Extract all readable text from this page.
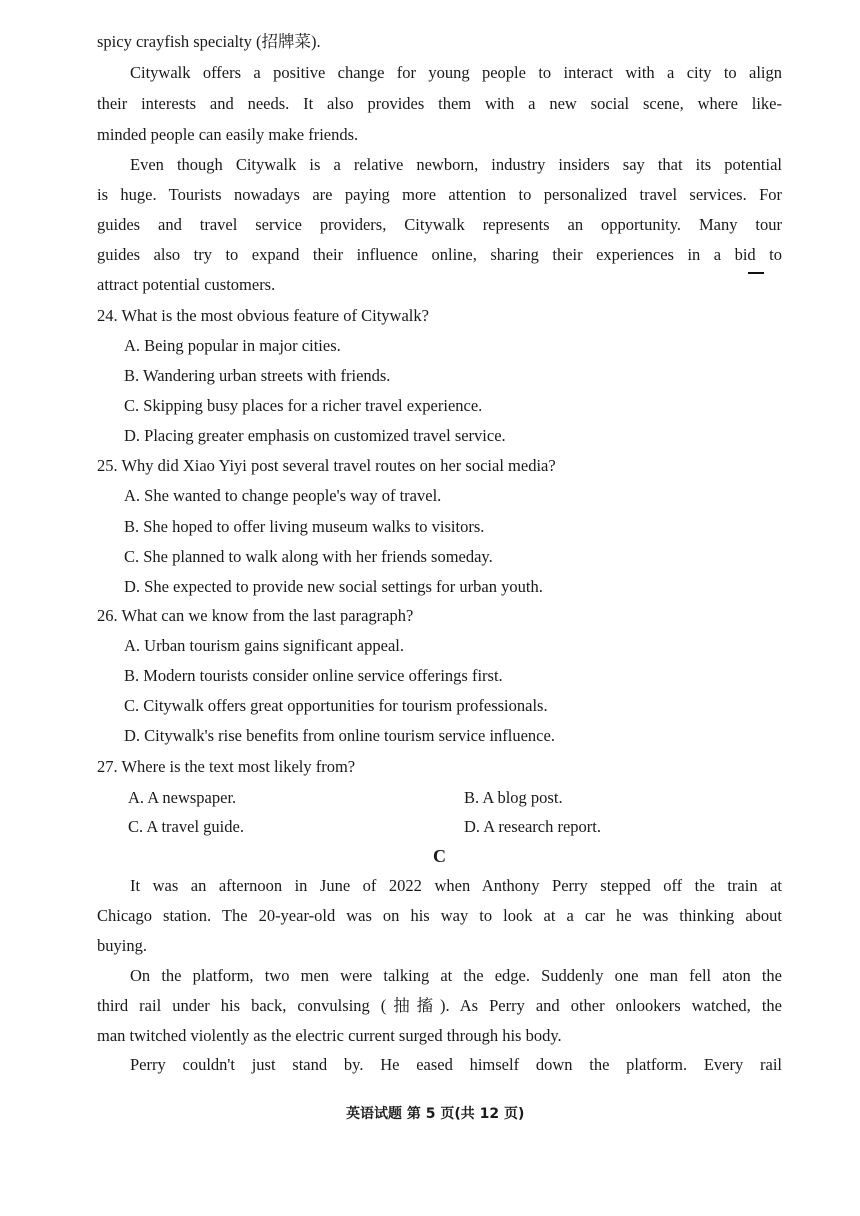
spicy crayfish specialty (招牌菜).
Citywalk offers a positive change for young people to interact with a city to align
their interests and needs. It also provides them with a new social scene, where like-
minded people can easily make friends.
Even though Citywalk is a relative newborn, industry insiders say that its potential
is huge. Tourists nowadays are paying more attention to personalized travel services. For
guides and travel service providers, Citywalk represents an opportunity. Many tour
guides also try to expand their influence online, sharing their experiences in a bid to
attract potential customers.
24. What is the most obvious feature of Citywalk?
A. Being popular in major cities.
B. Wandering urban streets with friends.
C. Skipping busy places for a richer travel experience.
D. Placing greater emphasis on customized travel service.
25. Why did Xiao Yiyi post several travel routes on her social media?
A. She wanted to change people's way of travel.
B. She hoped to offer living museum walks to visitors.
C. She planned to walk along with her friends someday.
D. She expected to provide new social settings for urban youth.
26. What can we know from the last paragraph?
A. Urban tourism gains significant appeal.
B. Modern tourists consider online service offerings first.
C. Citywalk offers great opportunities for tourism professionals.
D. Citywalk's rise benefits from online tourism service influence.
27. Where is the text most likely from?
A. A newspaper.	B. A blog post.
C. A travel guide.	D. A research report.
C
It was an afternoon in June of 2022 when Anthony Perry stepped off the train at
Chicago station. The 20-year-old was on his way to look at a car he was thinking about
buying.
On the platform, two men were talking at the edge. Suddenly one man fell aton the
third rail under his back, convulsing (抽搐). As Perry and other onlookers watched, the
man twitched violently as the electric current surged through his body.
Perry couldn't just stand by. He eased himself down the platform. Every rail
英语试题 第 5 页(共 12 页)
